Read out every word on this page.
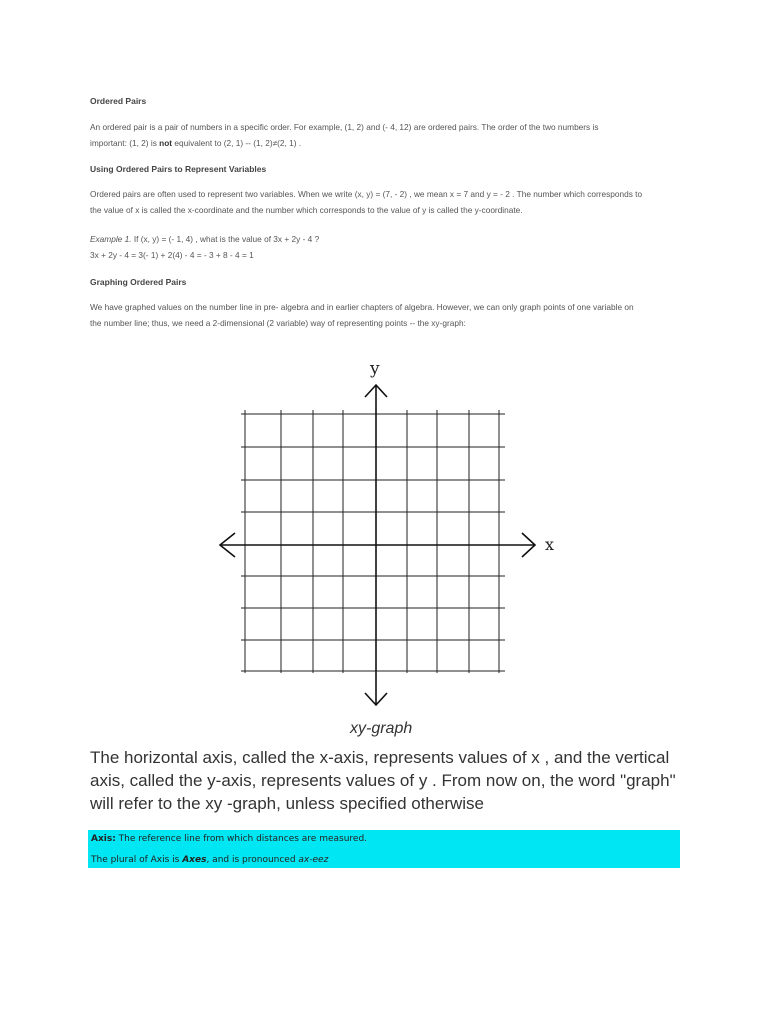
Ordered Pairs
An ordered pair is a pair of numbers in a specific order. For example, (1, 2) and (- 4, 12) are ordered pairs. The order of the two numbers is
important: (1, 2) is not equivalent to (2, 1) -- (1, 2)≠(2, 1) .
Using Ordered Pairs to Represent Variables
Ordered pairs are often used to represent two variables. When we write (x, y) = (7, - 2) , we mean x = 7 and y = - 2 . The number which corresponds to
the value of x is called the x-coordinate and the number which corresponds to the value of y is called the y-coordinate.
Example 1. If (x, y) = (- 1, 4) , what is the value of 3x + 2y - 4 ?
3x + 2y - 4 = 3(- 1) + 2(4) - 4 = - 3 + 8 - 4 = 1
Graphing Ordered Pairs
We have graphed values on the number line in pre- algebra and in earlier chapters of algebra. However, we can only graph points of one variable on
the number line; thus, we need a 2-dimensional (2 variable) way of representing points -- the xy-graph:
y
x
xy-graph
The horizontal axis, called the x-axis, represents values of x , and the vertical
axis, called the y-axis, represents values of y . From now on, the word "graph"
will refer to the xy -graph, unless specified otherwise
Axis: The reference line from which distances are measured.
The plural of Axis is Axes, and is pronounced ax-eez
